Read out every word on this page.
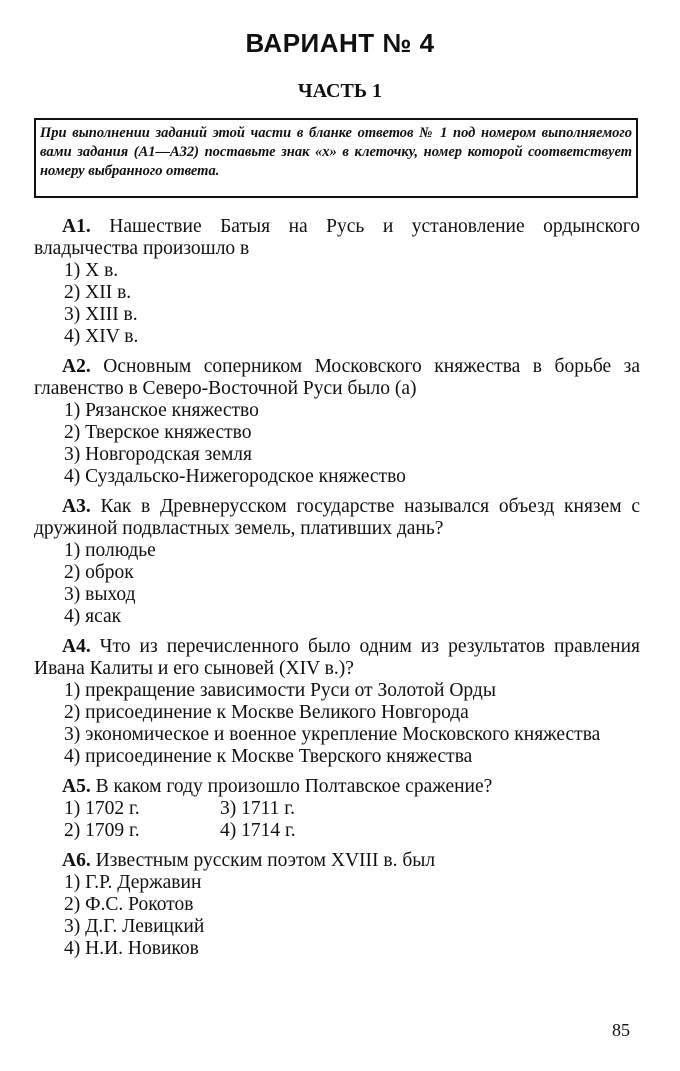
ВАРИАНТ № 4
ЧАСТЬ 1
При выполнении заданий этой части в бланке ответов № 1 под номером выполняемого вами задания (А1—А32) поставьте знак «х» в клеточку, номер которой соответствует номеру выбранного ответа.
А1. Нашествие Батыя на Русь и установление ордынского владычества произошло в
1) X в.
2) XII в.
3) XIII в.
4) XIV в.
А2. Основным соперником Московского княжества в борьбе за главенство в Северо-Восточной Руси было (а)
1) Рязанское княжество
2) Тверское княжество
3) Новгородская земля
4) Суздальско-Нижегородское княжество
А3. Как в Древнерусском государстве назывался объезд князем с дружиной подвластных земель, плативших дань?
1) полюдье
2) оброк
3) выход
4) ясак
А4. Что из перечисленного было одним из результатов правления Ивана Калиты и его сыновей (XIV в.)?
1) прекращение зависимости Руси от Золотой Орды
2) присоединение к Москве Великого Новгорода
3) экономическое и военное укрепление Московского княжества
4) присоединение к Москве Тверского княжества
А5. В каком году произошло Полтавское сражение?
1) 1702 г.	3) 1711 г.
2) 1709 г.	4) 1714 г.
А6. Известным русским поэтом XVIII в. был
1) Г.Р. Державин
2) Ф.С. Рокотов
3) Д.Г. Левицкий
4) Н.И. Новиков
85
